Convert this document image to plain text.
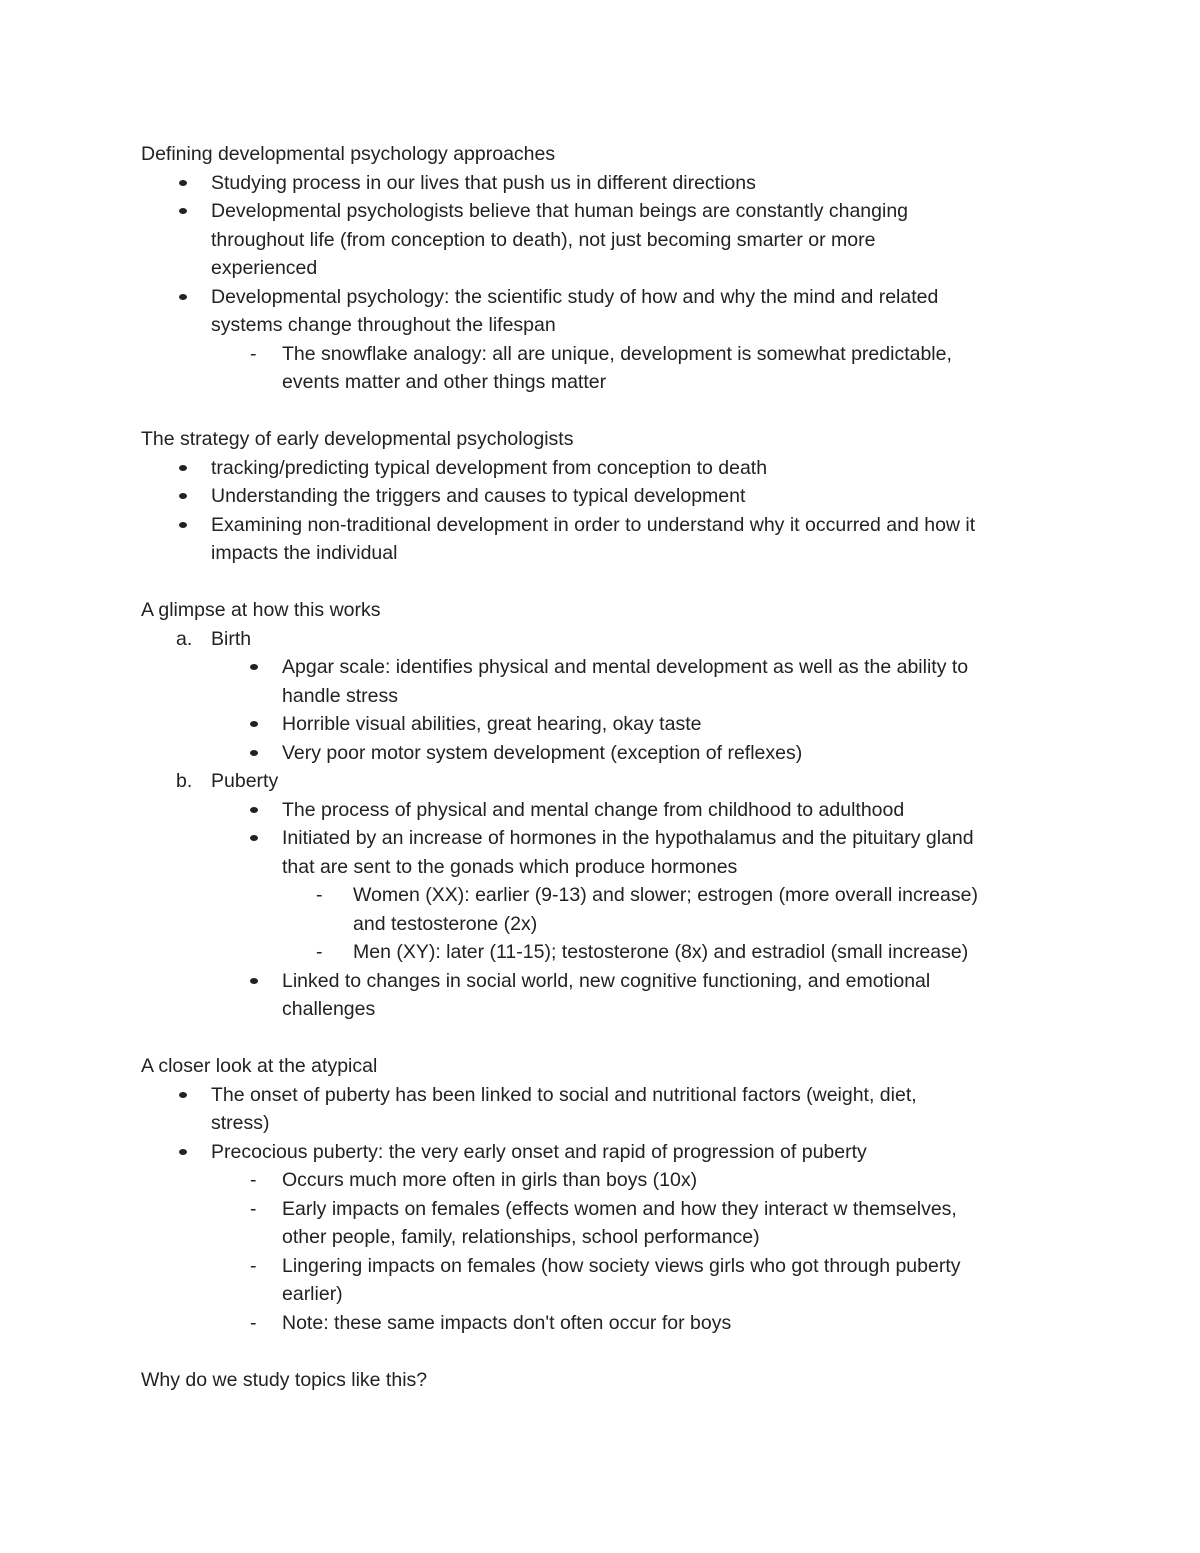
Defining developmental psychology approaches
Studying process in our lives that push us in different directions
Developmental psychologists believe that human beings are constantly changing
throughout life (from conception to death), not just becoming smarter or more
experienced
Developmental psychology: the scientific study of how and why the mind and related
systems change throughout the lifespan
- The snowflake analogy: all are unique, development is somewhat predictable,
events matter and other things matter
The strategy of early developmental psychologists
tracking/predicting typical development from conception to death
Understanding the triggers and causes to typical development
Examining non-traditional development in order to understand why it occurred and how it
impacts the individual
A glimpse at how this works
a. Birth
Apgar scale: identifies physical and mental development as well as the ability to
handle stress
Horrible visual abilities, great hearing, okay taste
Very poor motor system development (exception of reflexes)
b. Puberty
The process of physical and mental change from childhood to adulthood
Initiated by an increase of hormones in the hypothalamus and the pituitary gland
that are sent to the gonads which produce hormones
- Women (XX): earlier (9-13) and slower; estrogen (more overall increase)
and testosterone (2x)
- Men (XY): later (11-15); testosterone (8x) and estradiol (small increase)
Linked to changes in social world, new cognitive functioning, and emotional
challenges
A closer look at the atypical
The onset of puberty has been linked to social and nutritional factors (weight, diet,
stress)
Precocious puberty: the very early onset and rapid of progression of puberty
- Occurs much more often in girls than boys (10x)
- Early impacts on females (effects women and how they interact w themselves,
other people, family, relationships, school performance)
- Lingering impacts on females (how society views girls who got through puberty
earlier)
- Note: these same impacts don't often occur for boys
Why do we study topics like this?
